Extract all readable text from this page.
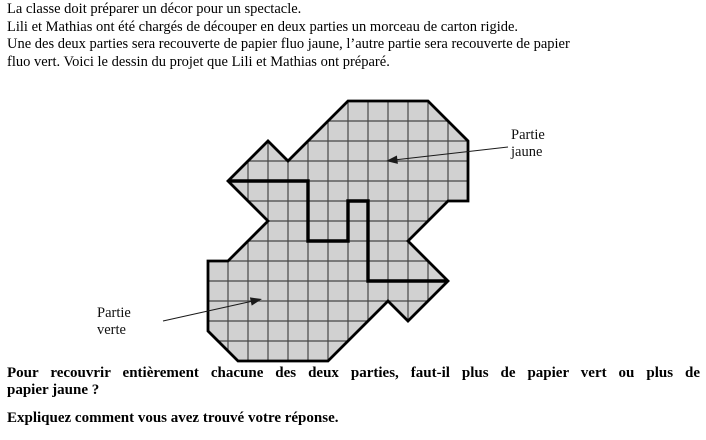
La classe doit préparer un décor pour un spectacle.
Lili et Mathias ont été chargés de découper en deux parties un morceau de carton rigide.
Une des deux parties sera recouverte de papier fluo jaune, l’autre partie sera recouverte de papier
fluo vert. Voici le dessin du projet que Lili et Mathias ont préparé.
Partie
jaune
Partie
verte
Pour recouvrir entièrement chacune des deux parties, faut-il plus de papier vert ou plus de
papier jaune ?
Expliquez comment vous avez trouvé votre réponse.
